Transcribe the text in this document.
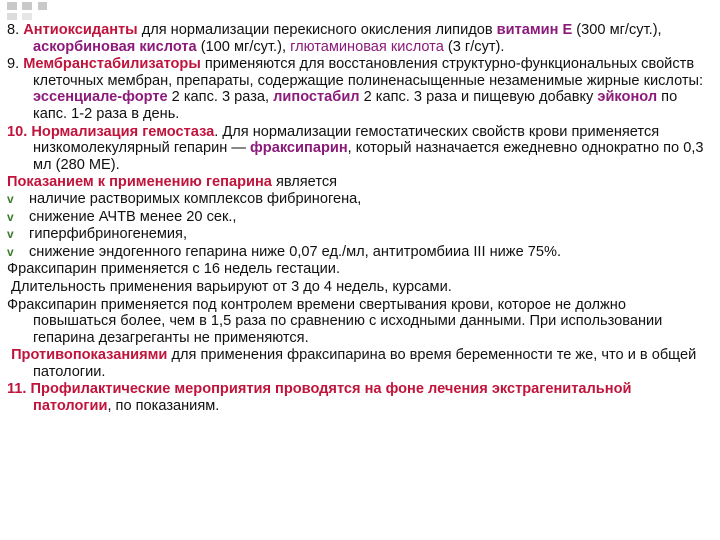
8. Антиоксиданты для нормализации перекисного окисления липидов витамин Е (300 мг/сут.), аскорбиновая кислота (100 мг/сут.), глютаминовая кислота (3 г/сут).

9. Мембранстабилизаторы применяются для восстановления структурно-функциональных свойств клеточных мембран, препараты, содержащие полиненасыщенные незаменимые жирные кислоты: эссенциале-форте 2 капс. 3 раза, липостабил 2 капс. 3 раза и пищевую добавку эйконол по капс. 1-2 раза в день.

10. Нормализация гемостаза. Для нормализации гемостатических свойств крови применяется низкомолекулярный гепарин — фраксипарин, который назначается ежедневно однократно по 0,3 мл (280 МЕ).

Показанием к применению гепарина является

v наличие растворимых комплексов фибриногена,

v снижение АЧТВ менее 20 сек.,

v гиперфибриногенемия,

v снижение эндогенного гепарина ниже 0,07 ед./мл, антитромбииа III ниже 75%.

Фраксипарин применяется с 16 недель гестации.

Длительность применения варьируют от 3 до 4 недель, курсами.

Фраксипарин применяется под контролем времени свертывания крови, которое не должно повышаться более, чем в 1,5 раза по сравнению с исходными данными. При использовании гепарина дезагреганты не применяются.

Противопоказаниями для применения фраксипарина во время беременности те же, что и в общей патологии.

11. Профилактические мероприятия проводятся на фоне лечения экстрагенитальной патологии, по показаниям.
